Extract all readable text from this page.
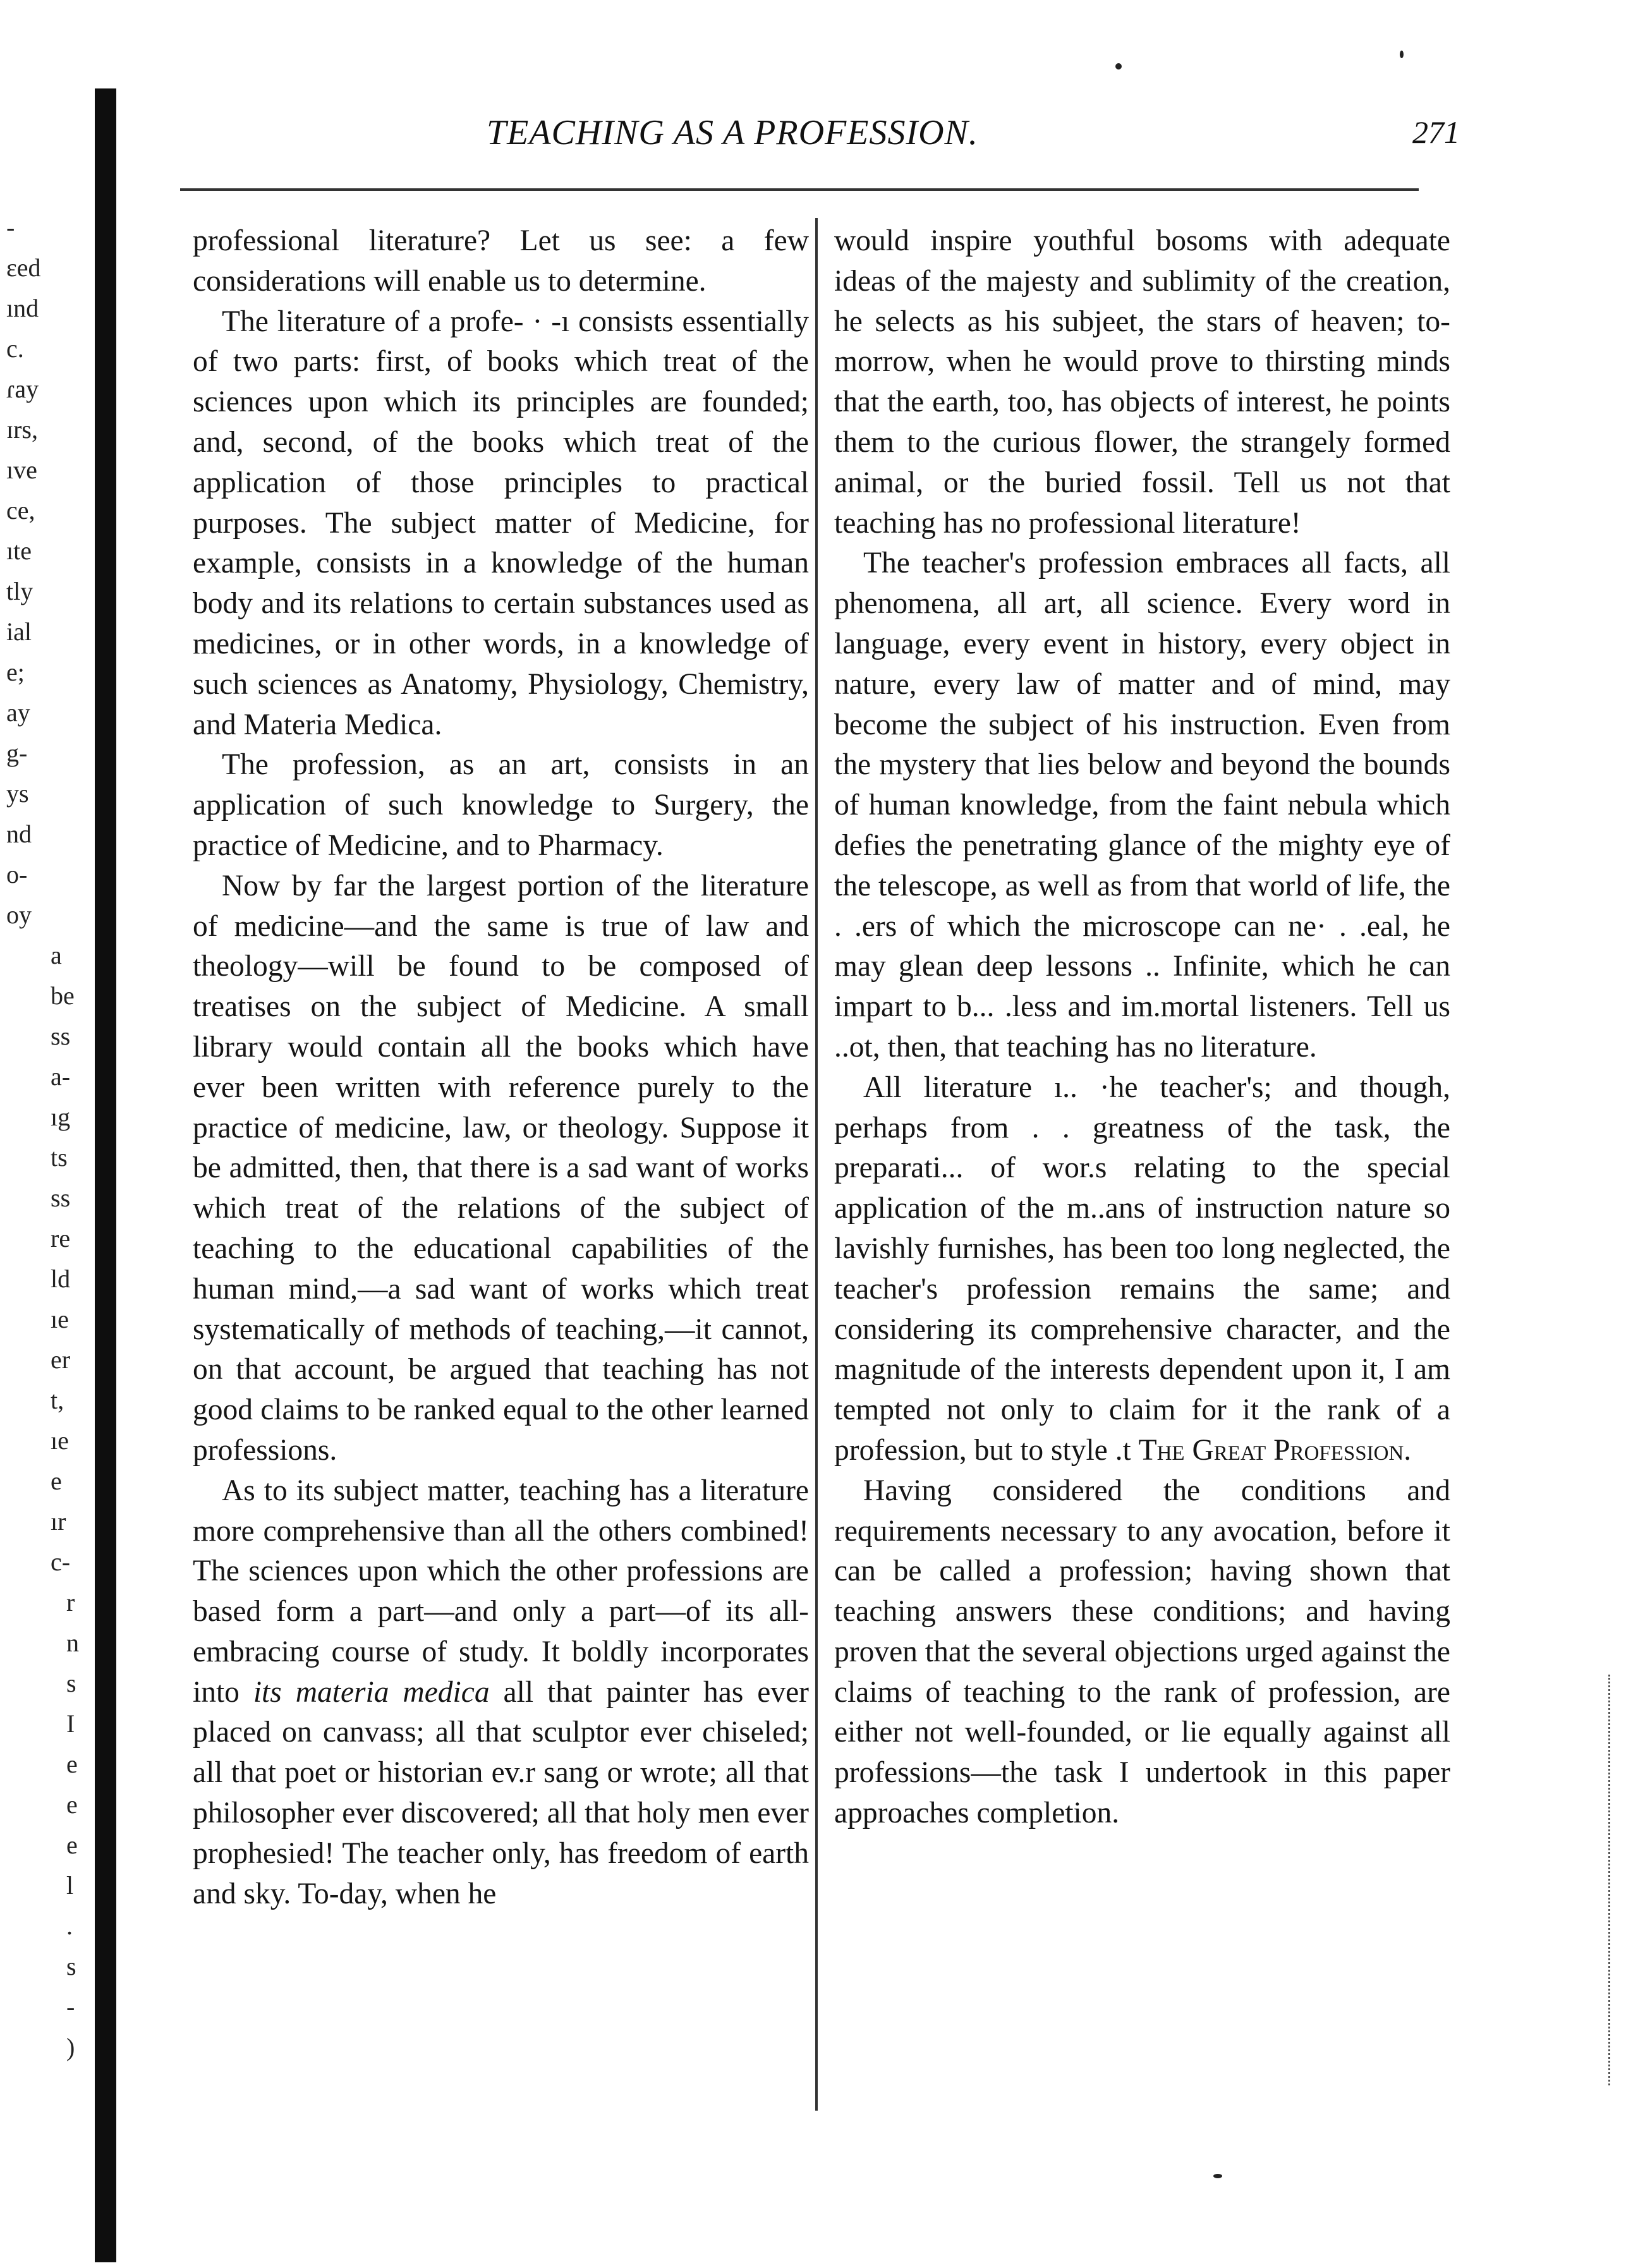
-
ɛed
ınd
c.
ɾay
ɪrs,
ıve
ce,
ıte
tly
ial
e;
ay
g-
ys
nd
o-
oy
a
be
ss
a-
ıg
ts
ss
re
ld
ıe
er
t,
ıe
e
ır
c-
r
n
s
I
e
e
e
l
.
s
-
)
TEACHING AS A PROFESSION.	271

professional literature? Let us see: a few considerations will enable us to determine.

The literature of a profe- · -ı consists essentially of two parts: first, of books which treat of the sciences upon which its principles are founded; and, second, of the books which treat of the application of those principles to practical purposes. The subject matter of Medicine, for example, consists in a knowledge of the human body and its relations to certain substances used as medicines, or in other words, in a knowledge of such sciences as Anatomy, Physiology, Chemistry, and Materia Medica.

The profession, as an art, consists in an application of such knowledge to Surgery, the practice of Medicine, and to Pharmacy.

Now by far the largest portion of the literature of medicine—and the same is true of law and theology—will be found to be composed of treatises on the subject of Medicine. A small library would contain all the books which have ever been written with reference purely to the practice of medicine, law, or theology. Suppose it be admitted, then, that there is a sad want of works which treat of the relations of the subject of teaching to the educational capabilities of the human mind,—a sad want of works which treat systematically of methods of teaching,—it cannot, on that account, be argued that teaching has not good claims to be ranked equal to the other learned professions.

As to its subject matter, teaching has a literature more comprehensive than all the others combined! The sciences upon which the other professions are based form a part—and only a part—of its all-embracing course of study. It boldly incorporates into its materia medica all that painter has ever placed on canvass; all that sculptor ever chiseled; all that poet or historian ev.r sang or wrote; all that philosopher ever discovered; all that holy men ever prophesied! The teacher only, has freedom of earth and sky. To-day, when he

would inspire youthful bosoms with adequate ideas of the majesty and sublimity of the creation, he selects as his subjeet, the stars of heaven; to-morrow, when he would prove to thirsting minds that the earth, too, has objects of interest, he points them to the curious flower, the strangely formed animal, or the buried fossil. Tell us not that teaching has no professional literature!

The teacher's profession embraces all facts, all phenomena, all art, all science. Every word in language, every event in history, every object in nature, every law of matter and of mind, may become the subject of his instruction. Even from the mystery that lies below and beyond the bounds of human knowledge, from the faint nebula which defies the penetrating glance of the mighty eye of the telescope, as well as from that world of life, the . .ers of which the microscope can ne· . .eal, he may glean deep lessons .. Infinite, which he can impart to b... .less and im.mortal listeners. Tell us ..ot, then, that teaching has no literature.

All literature ı.. ·he teacher's; and though, perhaps from . . greatness of the task, the preparati... of wor.s relating to the special application of the m..ans of instruction nature so lavishly furnishes, has been too long neglected, the teacher's profession remains the same; and considering its comprehensive character, and the magnitude of the interests dependent upon it, I am tempted not only to claim for it the rank of a profession, but to style .t The Great Profession.

Having considered the conditions and requirements necessary to any avocation, before it can be called a profession; having shown that teaching answers these conditions; and having proven that the several objections urged against the claims of teaching to the rank of profession, are either not well-founded, or lie equally against all professions—the task I undertook in this paper approaches completion.
